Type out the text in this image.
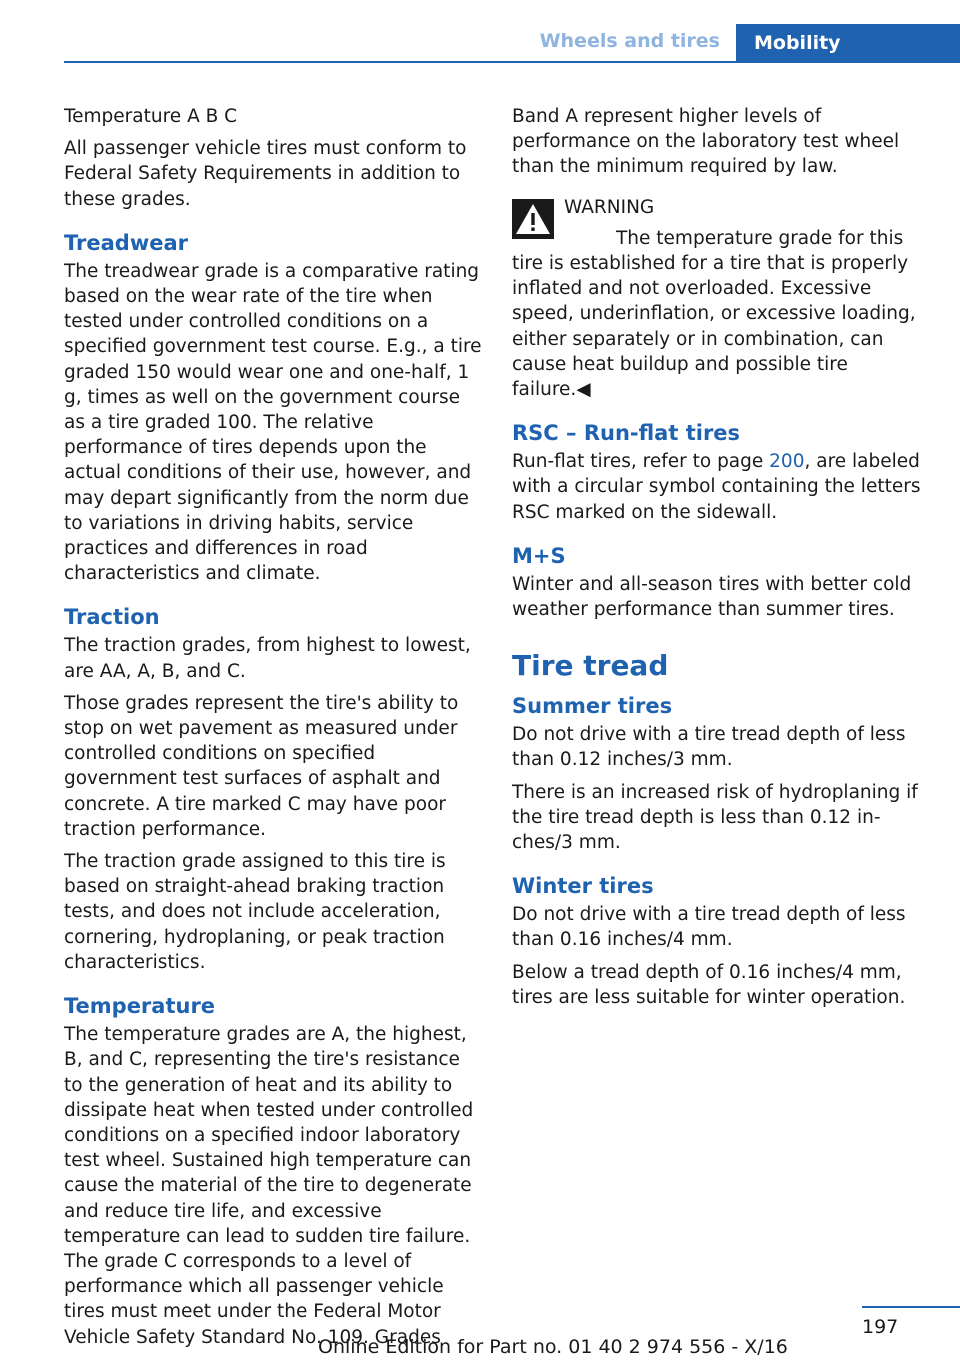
Wheels and tires	Mobility

Temperature A B C

All passenger vehicle tires must conform to Federal Safety Requirements in addition to these grades.

Treadwear

The treadwear grade is a comparative rating based on the wear rate of the tire when tested under controlled conditions on a specified government test course. E.g., a tire graded 150 would wear one and one-half, 1 g, times as well on the government course as a tire graded 100. The relative performance of tires depends upon the actual conditions of their use, however, and may depart significantly from the norm due to variations in driving habits, service practices and differences in road characteristics and climate.

Traction

The traction grades, from highest to lowest, are AA, A, B, and C.

Those grades represent the tire's ability to stop on wet pavement as measured under controlled conditions on specified government test surfaces of asphalt and concrete. A tire marked C may have poor traction performance.

The traction grade assigned to this tire is based on straight-ahead braking traction tests, and does not include acceleration, cornering, hydroplaning, or peak traction characteristics.

Temperature

The temperature grades are A, the highest, B, and C, representing the tire's resistance to the generation of heat and its ability to dissipate heat when tested under controlled conditions on a specified indoor laboratory test wheel. Sustained high temperature can cause the material of the tire to degenerate and reduce tire life, and excessive temperature can lead to sudden tire failure. The grade C corresponds to a level of performance which all passenger vehicle tires must meet under the Federal Motor Vehicle Safety Standard No. 109. Grades

Band A represent higher levels of performance on the laboratory test wheel than the minimum required by law.

WARNING

The temperature grade for this tire is established for a tire that is properly inflated and not overloaded. Excessive speed, underinflation, or excessive loading, either separately or in combination, can cause heat buildup and possible tire failure.◀

RSC – Run-flat tires

Run-flat tires, refer to page 200, are labeled with a circular symbol containing the letters RSC marked on the sidewall.

M+S

Winter and all-season tires with better cold weather performance than summer tires.

Tire tread
Summer tires

Do not drive with a tire tread depth of less than 0.12 inches/3 mm.

There is an increased risk of hydroplaning if the tire tread depth is less than 0.12 inches/3 mm.

Winter tires

Do not drive with a tire tread depth of less than 0.16 inches/4 mm.

Below a tread depth of 0.16 inches/4 mm, tires are less suitable for winter operation.

197
Online Edition for Part no. 01 40 2 974 556 - X/16
